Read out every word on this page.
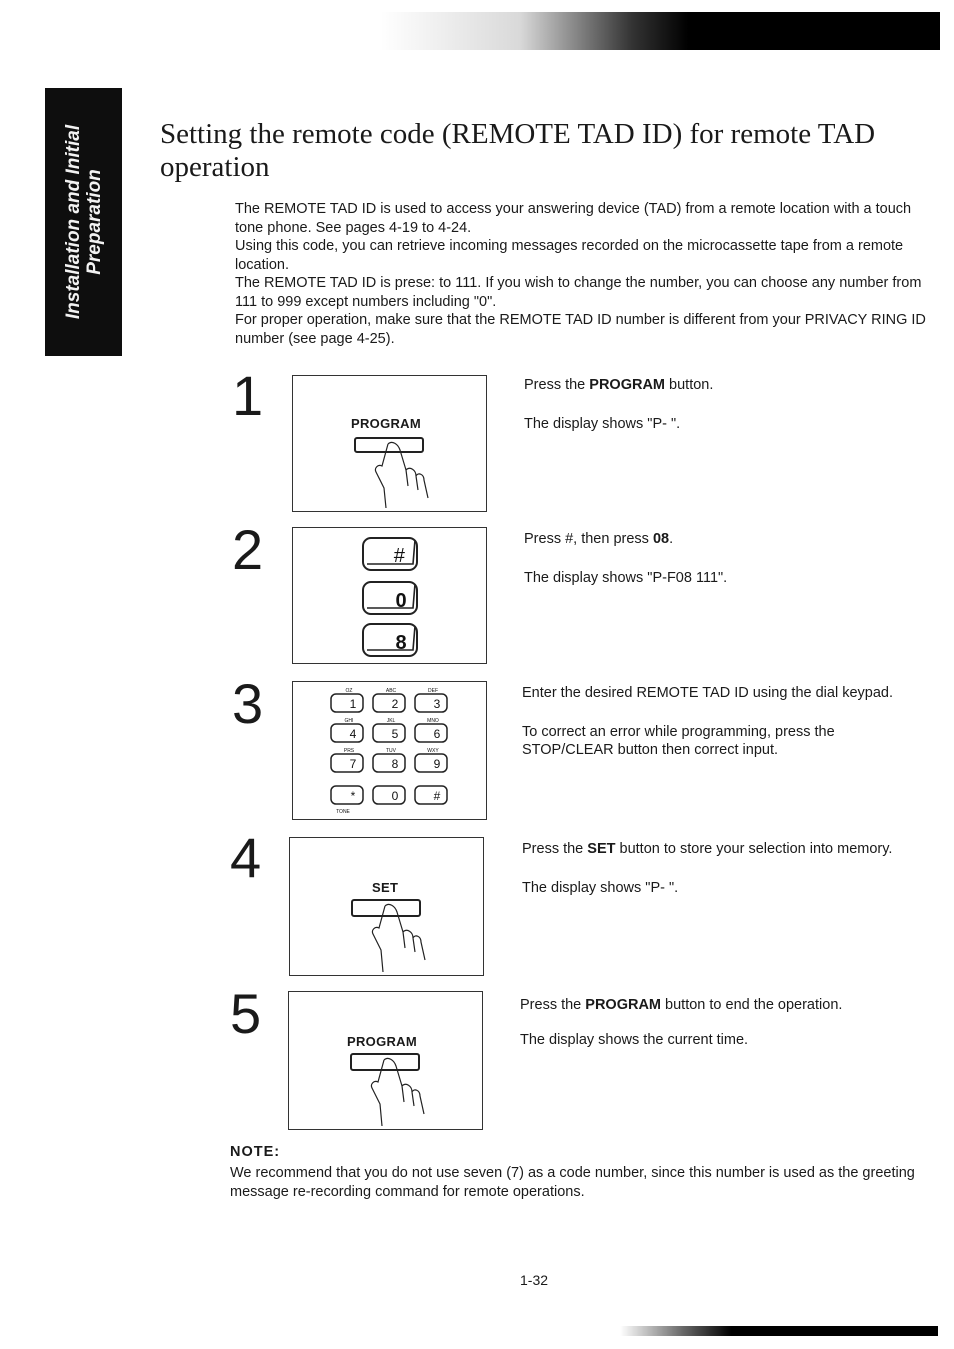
Installation and Initial Preparation
Setting the remote code (REMOTE TAD ID) for remote TAD operation

The REMOTE TAD ID is used to access your answering device (TAD) from a remote location with a touch tone phone. See pages 4-19 to 4-24.

Using this code, you can retrieve incoming messages recorded on the microcassette tape from a remote location.

The REMOTE TAD ID is prese: to 111. If you wish to change the number, you can choose any number from 111 to 999 except numbers including "0".

For proper operation, make sure that the REMOTE TAD ID number is different from your PRIVACY RING ID number (see page 4-25).

1	PROGRAM

Press the PROGRAM button.

The display shows "P- ".

2	#
0
8

Press #, then press 08.

The display shows "P-F08 111".

3	1
OZ
2
ABC
3
DEF
4
GHI
5
JKL
6
MNO
7
PRS
8
TUV
9
WXY
*	0	#
TONE

Enter the desired REMOTE TAD ID using the dial keypad.

To correct an error while programming, press the STOP/CLEAR button then correct input.

4	SET

Press the SET button to store your selection into memory.

The display shows "P- ".

5	PROGRAM

Press the PROGRAM button to end the operation.

The display shows the current time.

NOTE:
We recommend that you do not use seven (7) as a code number, since this number is used as the greeting message re-recording command for remote operations.
1-32
